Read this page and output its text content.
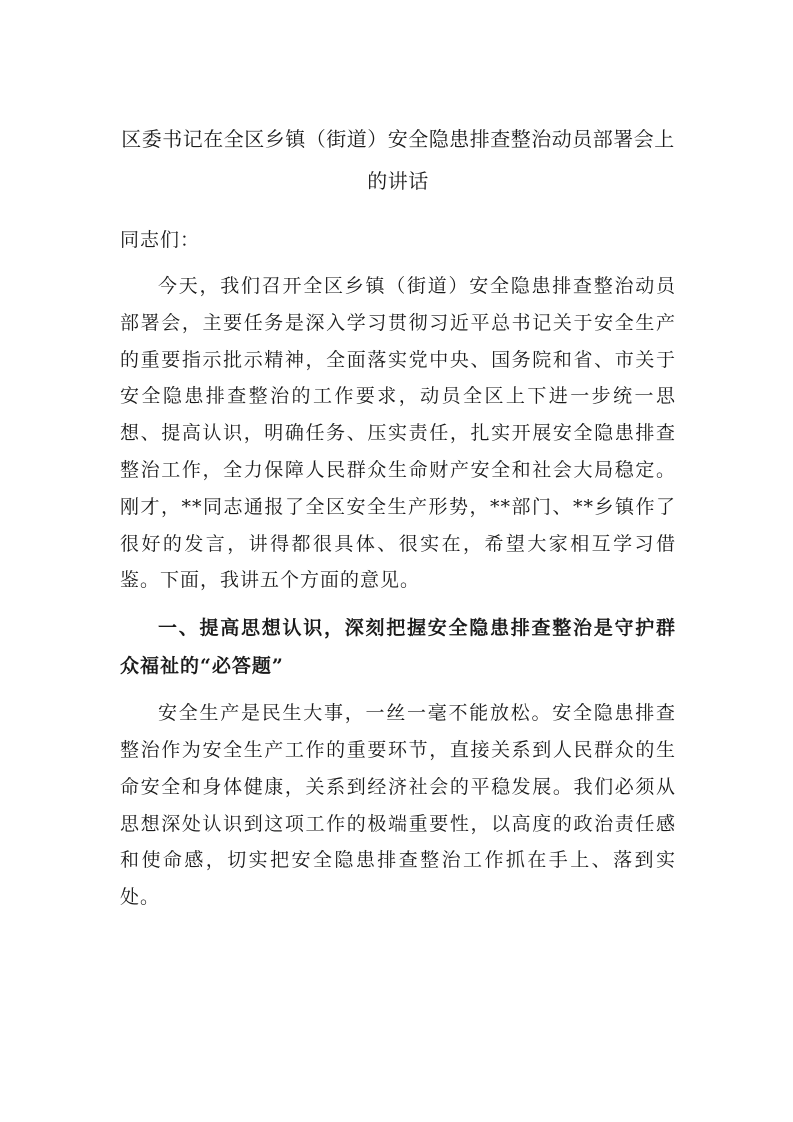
区委书记在全区乡镇（街道）安全隐患排查整治动员部署会上的讲话

同志们：

今天，我们召开全区乡镇（街道）安全隐患排查整治动员部署会，主要任务是深入学习贯彻习近平总书记关于安全生产的重要指示批示精神，全面落实党中央、国务院和省、市关于安全隐患排查整治的工作要求，动员全区上下进一步统一思想、提高认识，明确任务、压实责任，扎实开展安全隐患排查整治工作，全力保障人民群众生命财产安全和社会大局稳定。刚才，**同志通报了全区安全生产形势，**部门、**乡镇作了很好的发言，讲得都很具体、很实在，希望大家相互学习借鉴。下面，我讲五个方面的意见。

一、提高思想认识，深刻把握安全隐患排查整治是守护群众福祉的“必答题”

安全生产是民生大事，一丝一毫不能放松。安全隐患排查整治作为安全生产工作的重要环节，直接关系到人民群众的生命安全和身体健康，关系到经济社会的平稳发展。我们必须从思想深处认识到这项工作的极端重要性，以高度的政治责任感和使命感，切实把安全隐患排查整治工作抓在手上、落到实处。
